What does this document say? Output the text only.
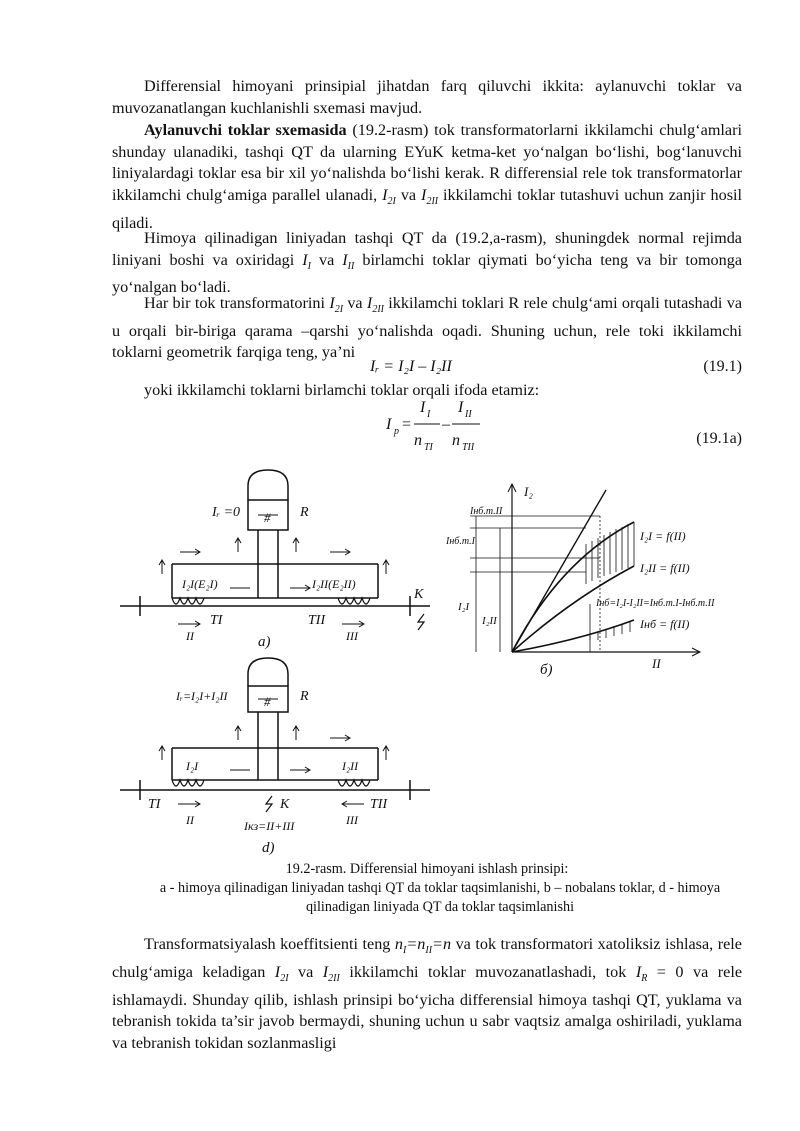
Differensial himoyani prinsipial jihatdan farq qiluvchi ikkita: aylanuvchi toklar va muvozanatlangan kuchlanishli sxemasi mavjud.

Aylanuvchi toklar sxemasida (19.2-rasm) tok transformatorlarni ikkilamchi chulg‘amlari shunday ulanadiki, tashqi QT da ularning EYuK ketma-ket yo‘nalgan bo‘lishi, bog‘lanuvchi liniyalardagi toklar esa bir xil yo‘nalishda bo‘lishi kerak. R differensial rele tok transformatorlar ikkilamchi chulg‘amiga parallel ulanadi, $I_{2I}$ va $I_{2II}$ ikkilamchi toklar tutashuvi uchun zanjir hosil qiladi.

Himoya qilinadigan liniyadan tashqi QT da (19.2,a-rasm), shuningdek normal rejimda liniyani boshi va oxiridagi $I_I$ va $I_{II}$ birlamchi toklar qiymati bo‘yicha teng va bir tomonga yo‘nalgan bo‘ladi.

Har bir tok transformatorini $I_{2I}$ va $I_{2II}$ ikkilamchi toklari R rele chulg‘ami orqali tutashadi va u orqali bir-biriga qarama –qarshi yo‘nalishda oqadi. Shuning uchun, rele toki ikkilamchi toklarni geometrik farqiga teng, ya’ni

Iᵣ = I₂I – I₂II	(19.1)

yoki ikkilamchi toklarni birlamchi toklar orqali ifoda etamiz:

I р =
I I
n TI
–
I II
n TII
(19.1a)
#
Iᵣ =0	R
I₂I(E₂I)	I₂II(E₂II)
K
TI	TII
II	III
а)
I₂
II
Iнб.т.II
Iнб.т.I
I₂I
I₂II
I₂I = f(II)
I₂II = f(II)
Iнб = f(II)
Iнб=I₂I-I₂II=Iнб.т.I-Iнб.т.II
б)
#
Iᵣ=I₂I+I₂II	R
I₂I	I₂II
K
TI	TII
II	III
Iкз=II+III
d)
19.2-rasm. Differensial himoyani ishlash prinsipi:
a - himoya qilinadigan liniyadan tashqi QT da toklar taqsimlanishi, b – nobalans toklar, d - himoya qilinadigan liniyada QT da toklar taqsimlanishi

Transformatsiyalash koeffitsienti teng $n_I=n_{II}=n$ va tok transformatori xatoliksiz ishlasa, rele chulg‘amiga keladigan $I_{2I}$ va $I_{2II}$ ikkilamchi toklar muvozanatlashadi, tok $I_R = 0$ va rele ishlamaydi. Shunday qilib, ishlash prinsipi bo‘yicha differensial himoya tashqi QT, yuklama va tebranish tokida ta’sir javob bermaydi, shuning uchun u sabr vaqtsiz amalga oshiriladi, yuklama va tebranish tokidan sozlanmasligi
